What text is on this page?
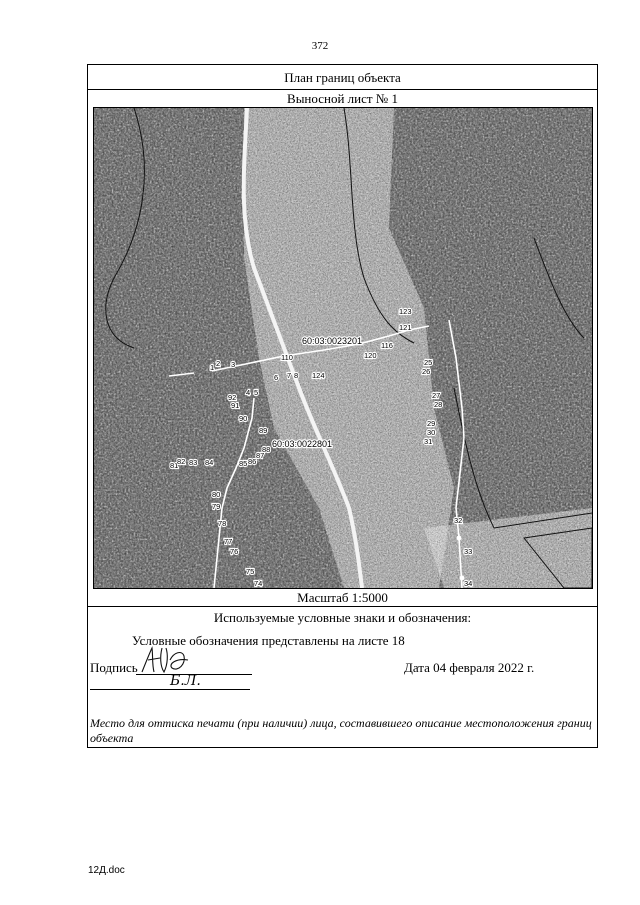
372
План границ объекта
Выносной лист № 1
60:03:0023201
60:03:0022801
1 2 3
4 5
6 7 8
25
26
27
28
29
30
31
32
33
34
74
75
76
77
78
79
80
81
82 83 84	85 86
87
88
89
90
91
92
110	120
116
124
123
121
Масштаб 1:5000
Используемые условные знаки и обозначения:
Условные обозначения представлены на листе 18
Подпись	Дата 04 февраля 2022 г.
Б.Л.
Место для оттиска печати (при наличии) лица, составившего описание местоположения границ объекта
12Д.doc
